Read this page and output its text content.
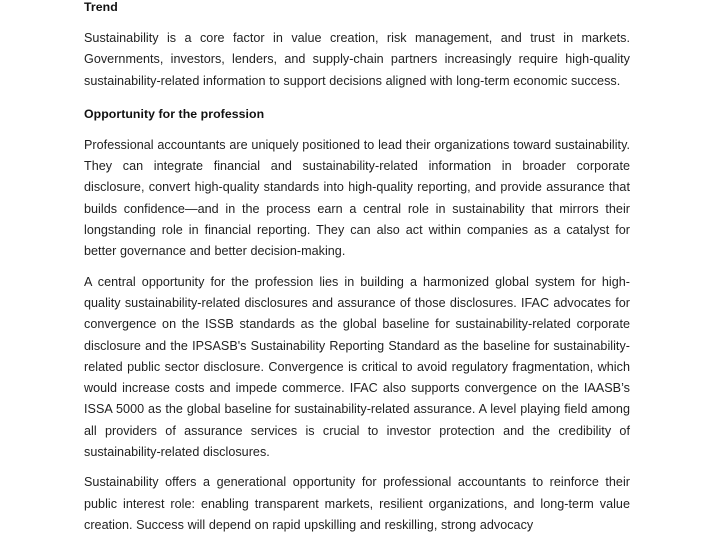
Trend

Sustainability is a core factor in value creation, risk management, and trust in markets. Governments, investors, lenders, and supply-chain partners increasingly require high-quality sustainability-related information to support decisions aligned with long-term economic success.

Opportunity for the profession

Professional accountants are uniquely positioned to lead their organizations toward sustainability. They can integrate financial and sustainability-related information in broader corporate disclosure, convert high-quality standards into high-quality reporting, and provide assurance that builds confidence—and in the process earn a central role in sustainability that mirrors their longstanding role in financial reporting. They can also act within companies as a catalyst for better governance and better decision-making.

A central opportunity for the profession lies in building a harmonized global system for high-quality sustainability-related disclosures and assurance of those disclosures. IFAC advocates for convergence on the ISSB standards as the global baseline for sustainability-related corporate disclosure and the IPSASB's Sustainability Reporting Standard as the baseline for sustainability-related public sector disclosure. Convergence is critical to avoid regulatory fragmentation, which would increase costs and impede commerce. IFAC also supports convergence on the IAASB’s ISSA 5000 as the global baseline for sustainability-related assurance. A level playing field among all providers of assurance services is crucial to investor protection and the credibility of sustainability-related disclosures.

Sustainability offers a generational opportunity for professional accountants to reinforce their public interest role: enabling transparent markets, resilient organizations, and long-term value creation. Success will depend on rapid upskilling and reskilling, strong advocacy
